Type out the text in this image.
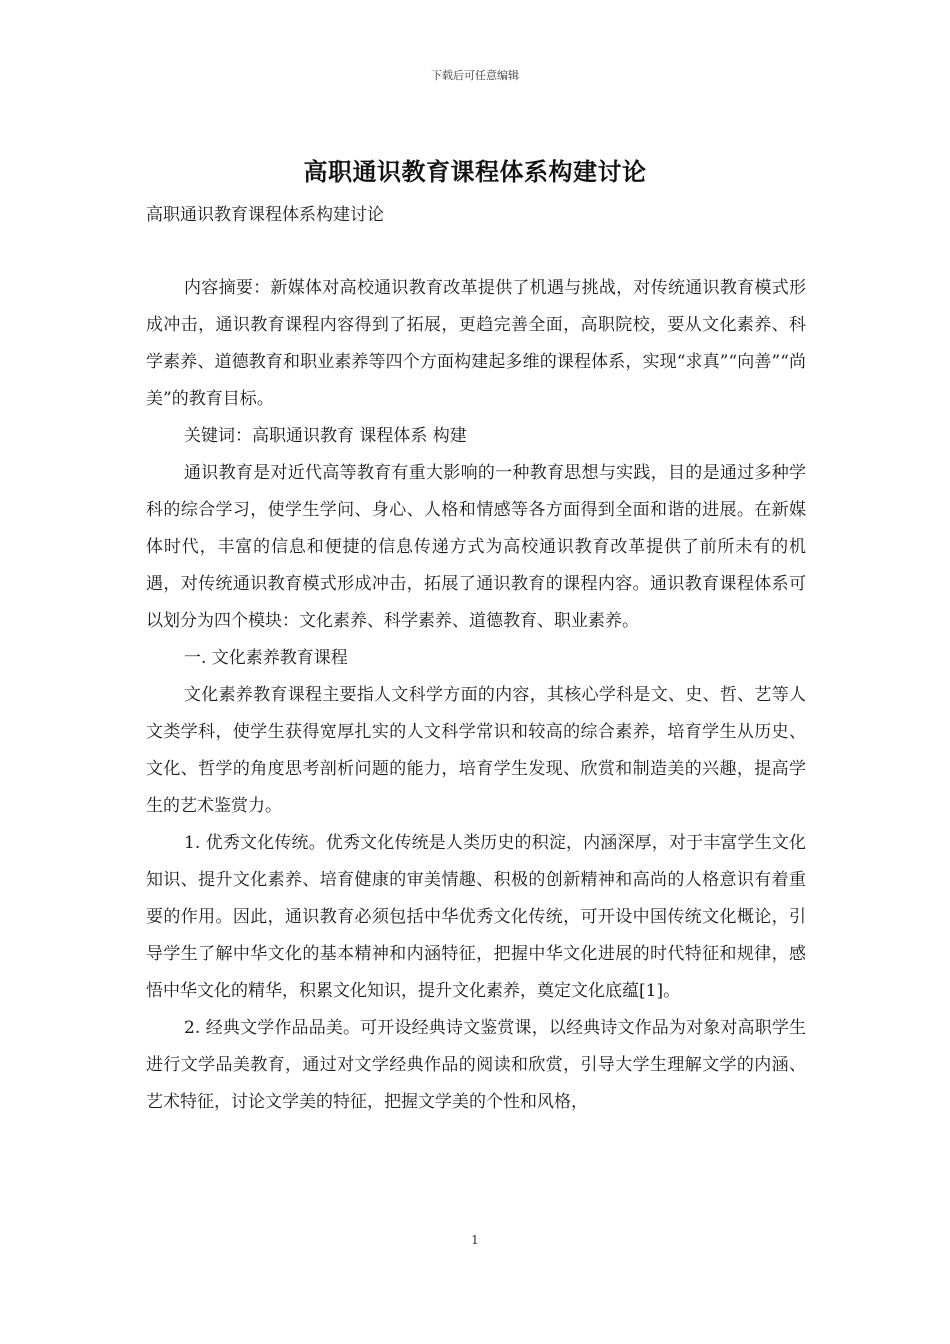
下载后可任意编辑
高职通识教育课程体系构建讨论
高职通识教育课程体系构建讨论

内容摘要：新媒体对高校通识教育改革提供了机遇与挑战，对传统通识教育模式形成冲击，通识教育课程内容得到了拓展，更趋完善全面，高职院校，要从文化素养、科学素养、道德教育和职业素养等四个方面构建起多维的课程体系，实现“求真”“向善”“尚美”的教育目标。

关键词：高职通识教育 课程体系 构建

通识教育是对近代高等教育有重大影响的一种教育思想与实践，目的是通过多种学科的综合学习，使学生学问、身心、人格和情感等各方面得到全面和谐的进展。在新媒体时代，丰富的信息和便捷的信息传递方式为高校通识教育改革提供了前所未有的机遇，对传统通识教育模式形成冲击，拓展了通识教育的课程内容。通识教育课程体系可以划分为四个模块：文化素养、科学素养、道德教育、职业素养。

一. 文化素养教育课程

文化素养教育课程主要指人文科学方面的内容，其核心学科是文、史、哲、艺等人文类学科，使学生获得宽厚扎实的人文科学常识和较高的综合素养，培育学生从历史、文化、哲学的角度思考剖析问题的能力，培育学生发现、欣赏和制造美的兴趣，提高学生的艺术鉴赏力。

1. 优秀文化传统。优秀文化传统是人类历史的积淀，内涵深厚，对于丰富学生文化知识、提升文化素养、培育健康的审美情趣、积极的创新精神和高尚的人格意识有着重要的作用。因此，通识教育必须包括中华优秀文化传统，可开设中国传统文化概论，引导学生了解中华文化的基本精神和内涵特征，把握中华文化进展的时代特征和规律，感悟中华文化的精华，积累文化知识，提升文化素养，奠定文化底蕴[1]。

2. 经典文学作品品美。可开设经典诗文鉴赏课，以经典诗文作品为对象对高职学生进行文学品美教育，通过对文学经典作品的阅读和欣赏，引导大学生理解文学的内涵、艺术特征，讨论文学美的特征，把握文学美的个性和风格，

1
